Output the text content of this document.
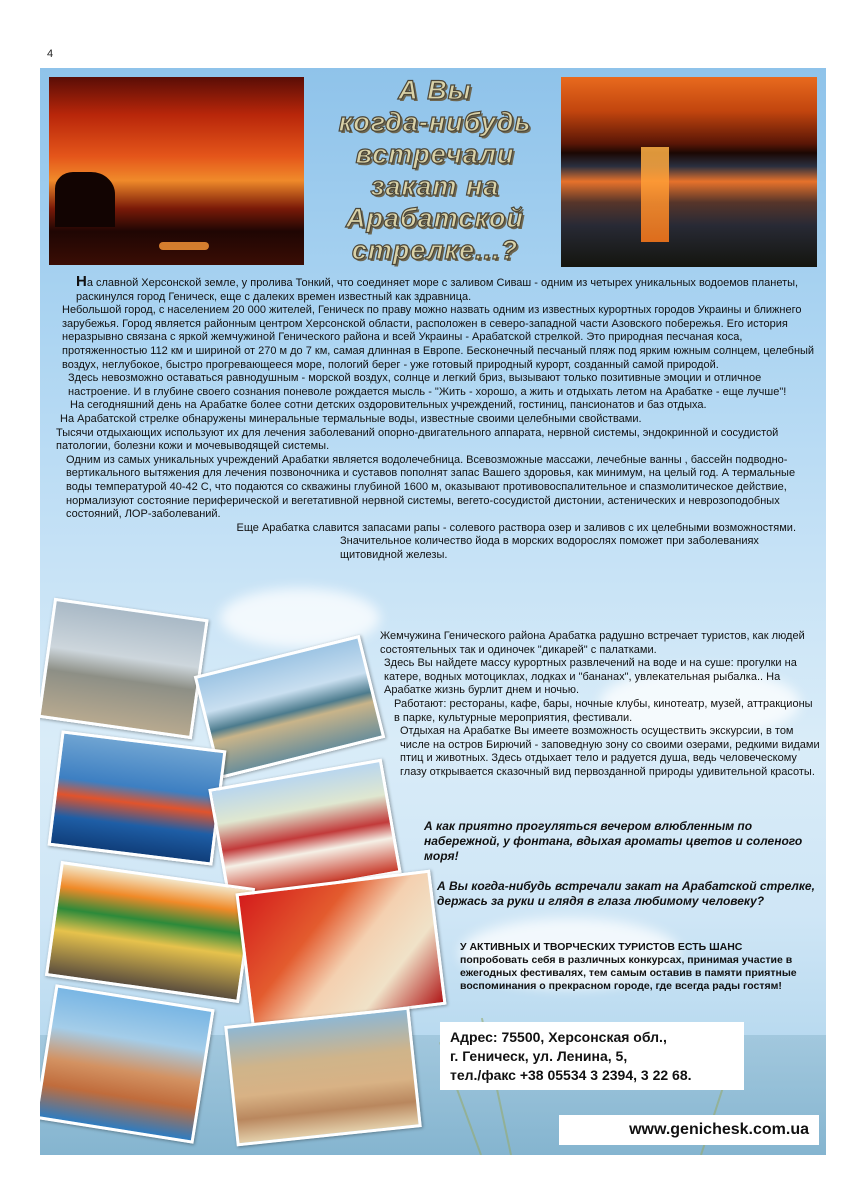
4
А Вы
когда-нибудь
встречали
закат на
Арабатской
стрелке...?

На славной Херсонской земле, у пролива Тонкий, что соединяет море с заливом Сиваш - одним из четырех уникальных водоемов планеты, раскинулся город Геническ, еще с далеких времен известный как здравница.

Небольшой город, с населением 20 000 жителей, Геническ по праву можно назвать одним из известных курортных городов Украины и ближнего зарубежья. Город является районным центром Херсонской области, расположен в северо-западной части Азовского побережья. Его история неразрывно связана с яркой жемчужиной Генического района и всей Украины - Арабатской стрелкой. Это природная песчаная коса, протяженностью 112 км и шириной от 270 м до 7 км, самая длинная в Европе. Бесконечный песчаный пляж под ярким южным солнцем, целебный воздух, неглубокое, быстро прогревающееся море, пологий берег - уже готовый природный курорт, созданный самой природой.

Здесь невозможно оставаться равнодушным - морской воздух, солнце и легкий бриз, вызывают только позитивные эмоции и отличное настроение. И в глубине своего сознания поневоле рождается мысль - "Жить - хорошо, а жить и отдыхать летом на Арабатке - еще лучше"!

На сегодняшний день на Арабатке более сотни детских оздоровительных учреждений, гостиниц, пансионатов и баз отдыха.

На Арабатской стрелке обнаружены минеральные термальные воды, известные своими целебными свойствами.

Тысячи отдыхающих используют их для лечения заболеваний опорно-двигательного аппарата, нервной системы, эндокринной и сосудистой патологии, болезни кожи и мочевыводящей системы.

Одним из самых уникальных учреждений Арабатки является водолечебница. Всевозможные массажи, лечебные ванны , бассейн подводно-вертикального вытяжения для лечения позвоночника и суставов пополнят запас Вашего здоровья, как минимум, на целый год. А термальные воды температурой 40-42 С, что подаются со скважины глубиной 1600 м, оказывают противовоспалительное и спазмолитическое действие, нормализуют состояние периферической и вегетативной нервной системы, вегето-сосудистой дистонии, астенических и неврозоподобных состояний, ЛОР-заболеваний.

Еще Арабатка славится запасами рапы - солевого раствора озер и заливов с их целебными возможностями.

Значительное количество йода в морских водорослях поможет при заболеваниях щитовидной железы.

Жемчужина Генического района Арабатка радушно встречает туристов, как людей состоятельных так и одиночек "дикарей" с палатками.

Здесь Вы найдете массу курортных развлечений на воде и на суше: прогулки на катере, водных мотоциклах, лодках и "бананах", увлекательная рыбалка.. На Арабатке жизнь бурлит днем и ночью.

Работают: рестораны, кафе, бары, ночные клубы, кинотеатр, музей, аттракционы в парке, культурные мероприятия, фестивали.

Отдыхая на Арабатке Вы имеете возможность осуществить экскурсии, в том числе на остров Бирючий - заповедную зону со своими озерами, редкими видами птиц и животных. Здесь отдыхает тело и радуется душа, ведь человеческому глазу открывается сказочный вид первозданной природы удивительной красоты.

А как приятно прогуляться вечером влюбленным по набережной, у фонтана, вдыхая ароматы цветов и соленого моря!
А Вы когда-нибудь встречали закат на Арабатской стрелке, держась за руки и глядя в глаза любимому человеку?
У АКТИВНЫХ И ТВОРЧЕСКИХ ТУРИСТОВ ЕСТЬ ШАНС
попробовать себя в различных конкурсах, принимая участие в ежегодных фестивалях, тем самым оставив в памяти приятные воспоминания о прекрасном городе, где всегда рады гостям!
Адрес: 75500, Херсонская обл.,
г. Геническ, ул. Ленина, 5,
тел./факс +38 05534 3 2394, 3 22 68.
www.genichesk.com.ua
